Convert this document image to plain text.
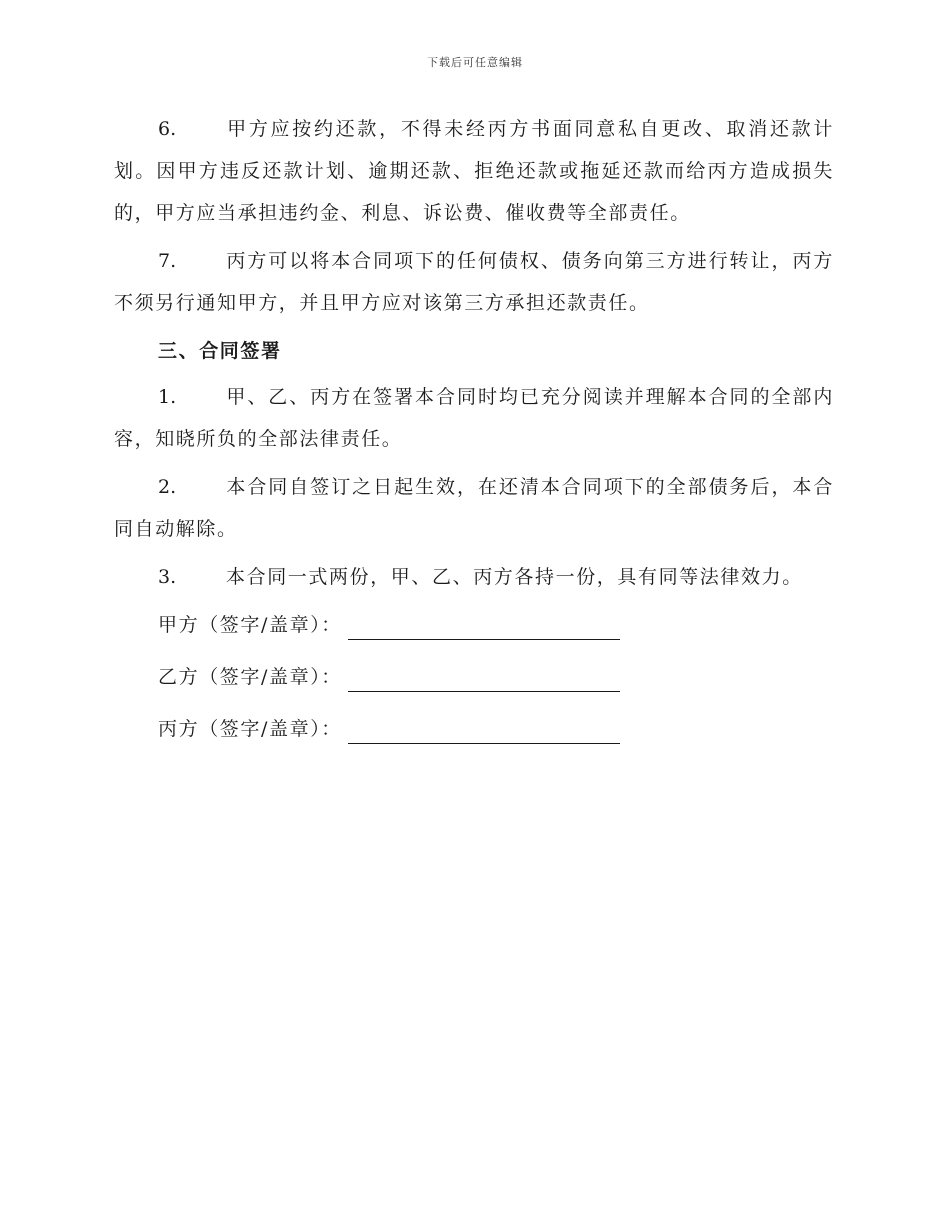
下载后可任意编辑

6.	甲方应按约还款，不得未经丙方书面同意私自更改、取消还款计划。因甲方违反还款计划、逾期还款、拒绝还款或拖延还款而给丙方造成损失的，甲方应当承担违约金、利息、诉讼费、催收费等全部责任。

7.	丙方可以将本合同项下的任何债权、债务向第三方进行转让，丙方不须另行通知甲方，并且甲方应对该第三方承担还款责任。

三、合同签署

1.	甲、乙、丙方在签署本合同时均已充分阅读并理解本合同的全部内容，知晓所负的全部法律责任。

2.	本合同自签订之日起生效，在还清本合同项下的全部债务后，本合同自动解除。

3.	本合同一式两份，甲、乙、丙方各持一份，具有同等法律效力。

甲方（签字/盖章）：
乙方（签字/盖章）：
丙方（签字/盖章）：
